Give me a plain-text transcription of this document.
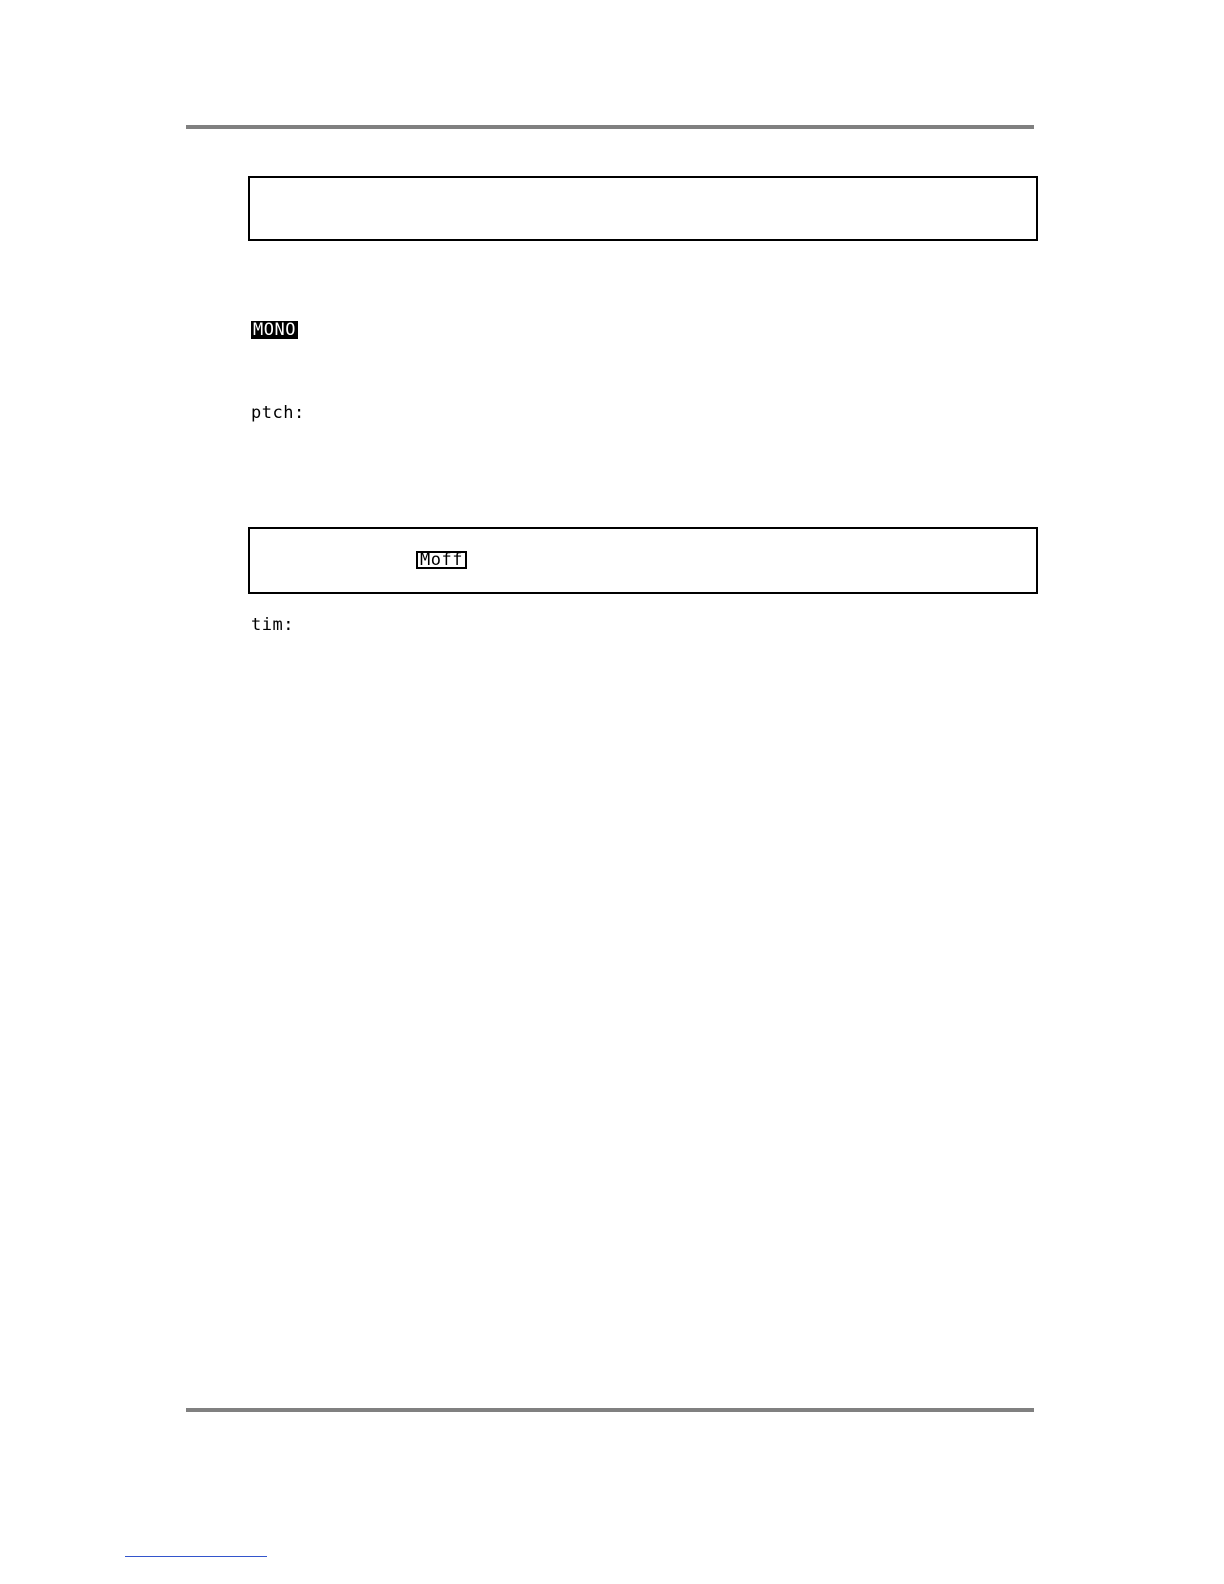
MONO
ptch:
Moff
tim:
